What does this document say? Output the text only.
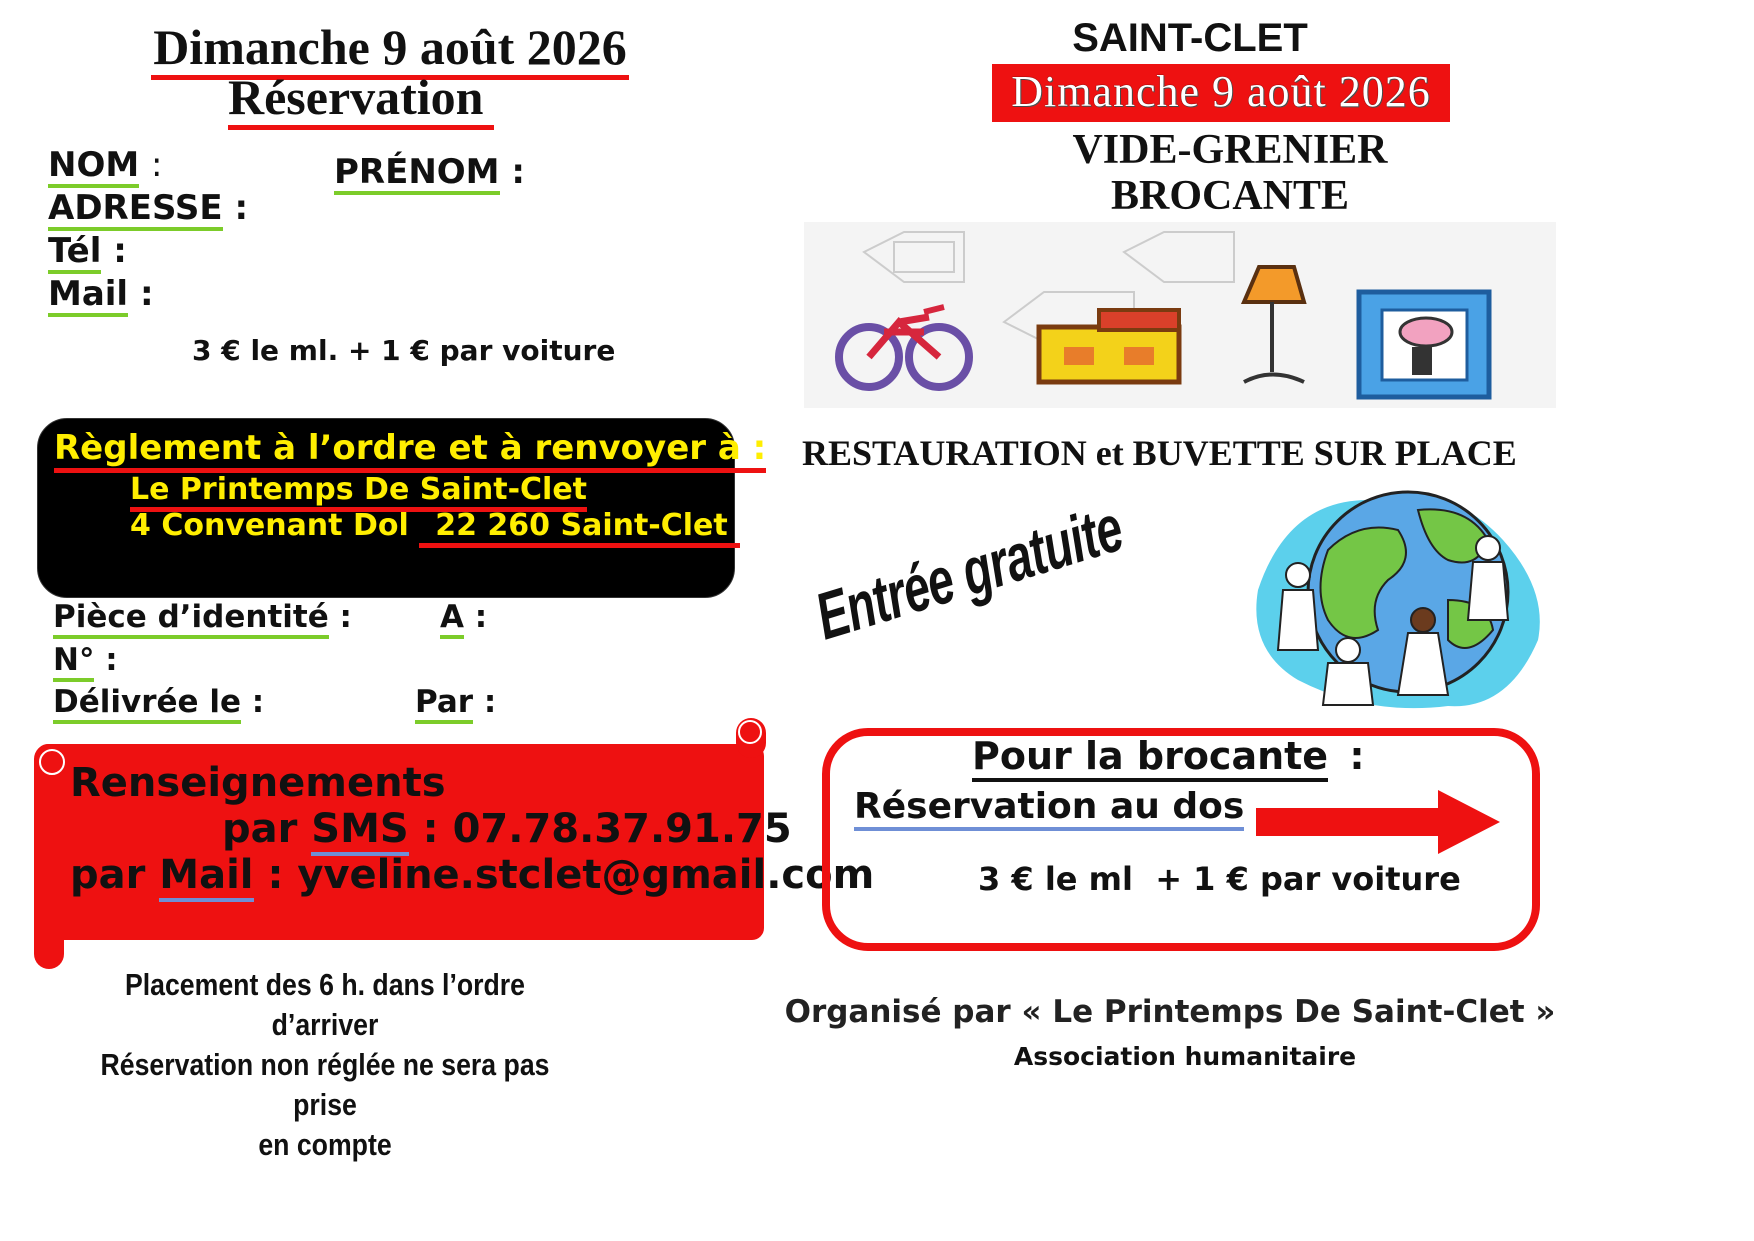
Dimanche 9 août 2026
Réservation
NOM :	PRÉNOM :
ADRESSE :
Tél :
Mail :
3 € le ml. + 1 € par voiture
Règlement à l’ordre et à renvoyer à :
Le Printemps De Saint-Clet
4 Convenant Dol 22 260 Saint-Clet
Pièce d’identité :	A :
N° :
Délivrée le :	Par :
Renseignements
par SMS : 07.78.37.91.75
par Mail : yveline.stclet@gmail.com
Placement des 6 h. dans l’ordre d’arriver
Réservation non réglée ne sera pas prise
en compte
SAINT-CLET
Dimanche 9 août 2026
VIDE-GRENIER
BROCANTE
RESTAURATION et BUVETTE SUR PLACE
Entrée gratuite
Pour la brocante :
Réservation au dos
3 € le ml  + 1 € par voiture
Organisé par « Le Printemps De Saint-Clet »
Association humanitaire
